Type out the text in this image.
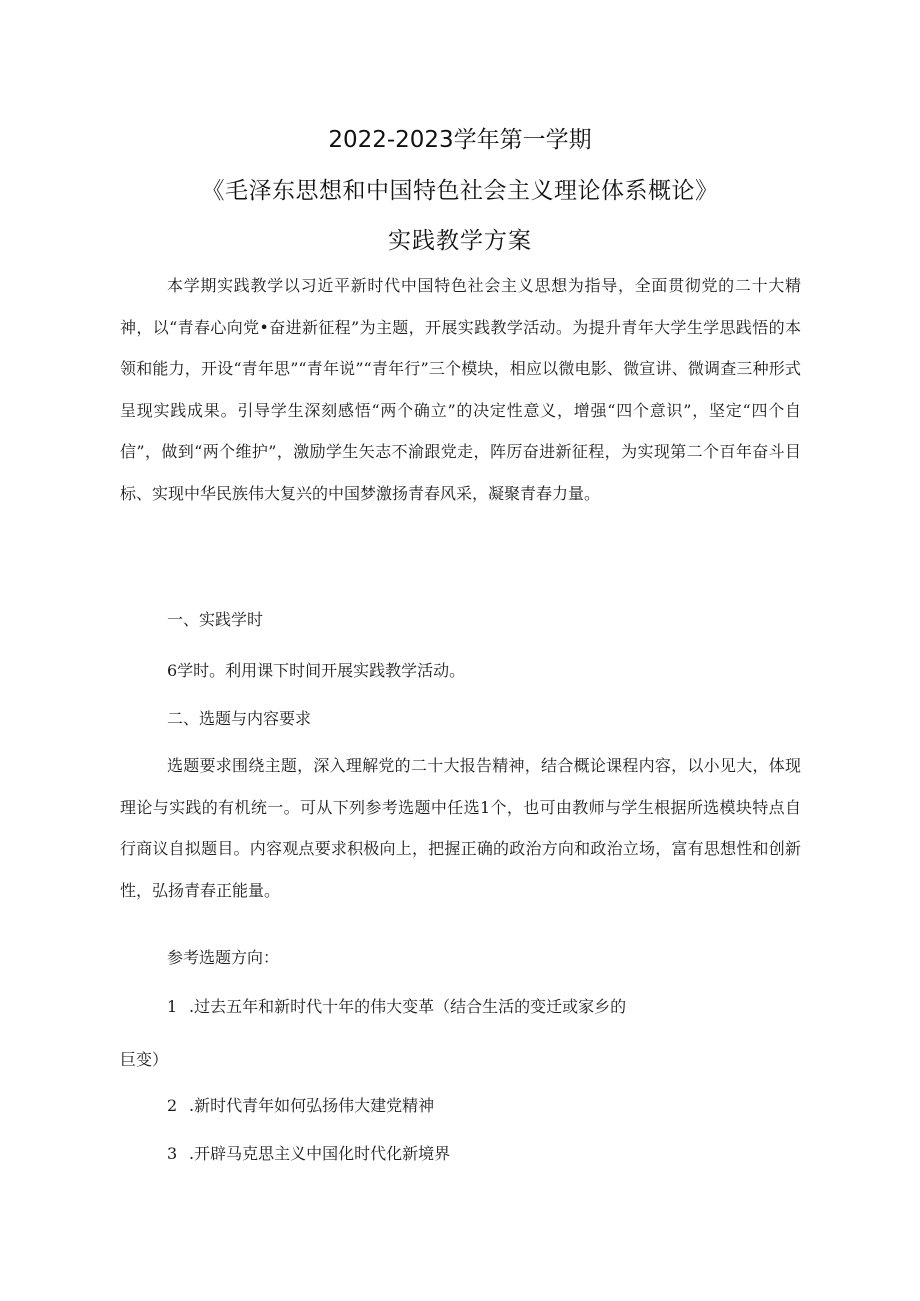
2022-2023学年第一学期
《毛泽东思想和中国特色社会主义理论体系概论》
实践教学方案

本学期实践教学以习近平新时代中国特色社会主义思想为指导，全面贯彻党的二十大精神，以“青春心向党•奋进新征程”为主题，开展实践教学活动。为提升青年大学生学思践悟的本领和能力，开设“青年思”“青年说”“青年行”三个模块，相应以微电影、微宣讲、微调查三种形式呈现实践成果。引导学生深刻感悟“两个确立”的决定性意义，增强“四个意识”，坚定“四个自信”，做到“两个维护”，激励学生矢志不渝跟党走，阵厉奋进新征程，为实现第二个百年奋斗目标、实现中华民族伟大复兴的中国梦激扬青春风采，凝聚青春力量。

一、实践学时

6学时。利用课下时间开展实践教学活动。

二、选题与内容要求

选题要求围绕主题，深入理解党的二十大报告精神，结合概论课程内容，以小见大，体现理论与实践的有机统一。可从下列参考选题中任选1个，也可由教师与学生根据所选模块特点自行商议自拟题目。内容观点要求积极向上，把握正确的政治方向和政治立场，富有思想性和创新性，弘扬青春正能量。

参考选题方向：

1 .过去五年和新时代十年的伟大变革（结合生活的变迁或家乡的

巨变）

2 .新时代青年如何弘扬伟大建党精神

3 .开辟马克思主义中国化时代化新境界
